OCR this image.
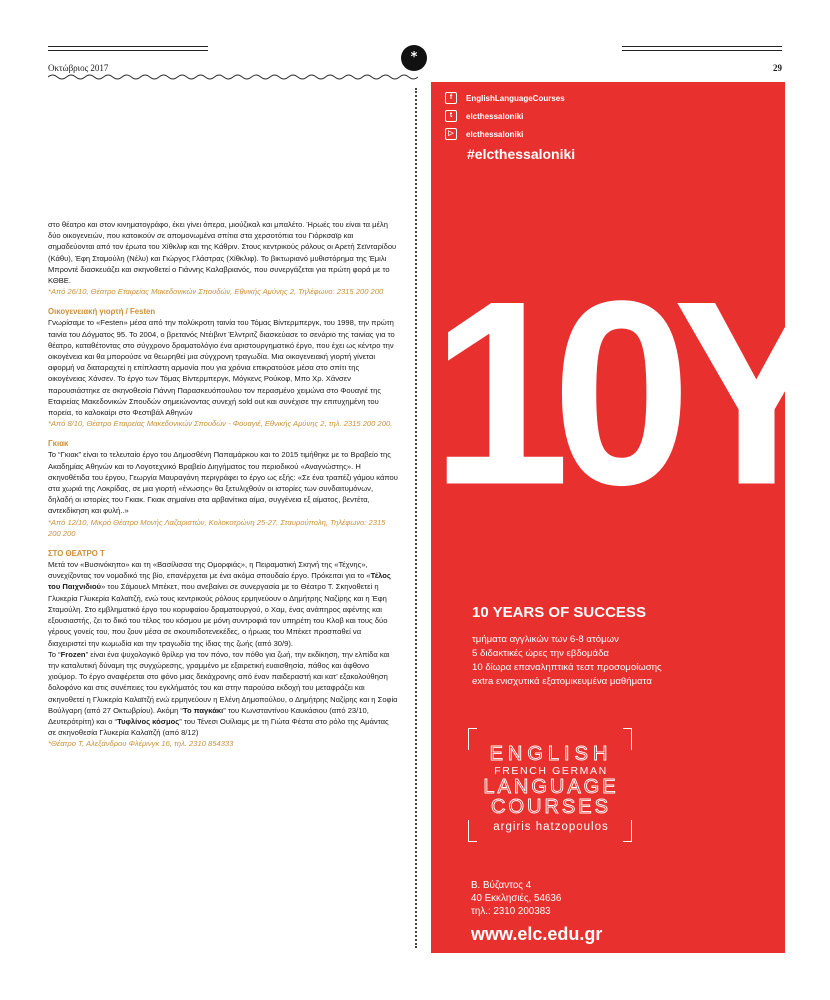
*
Οκτώβριος 2017	29

στο θέατρο και στον κινηματογράφο, έκει γίνει όπερα, μιούζικαλ και μπαλέτο. Ήρωές του είναι τα μέλη δύο οικογενειών, που κατοικούν σε απομονωμένα σπίτια στα χερσοτόπια του Γιόρκσαϊρ και σημαδεύονται από τον έρωτα του Χίθκλιφ και της Κάθριν. Στους κεντρικούς ρόλους οι Αρετή Σεϊνταρίδου (Κάθυ), Έφη Σταμούλη (Νέλυ) και Γιώργος Γλάστρας (Χίθκλιφ). Το βικτωριανό μυθιστόρημα της Έμιλι Μπροντέ διασκευάζει και σκηνοθετεί ο Γιάννης Καλαβριανός, που συνεργάζεται για πρώτη φορά με το ΚΘΒΕ.

*Από 26/10, Θέατρο Εταιρείας Μακεδονικών Σπουδών, Εθνικής Αμύνης 2, Τηλέφωνο: 2315 200 200

Οικογενειακή γιορτή / Festen

Γνωρίσαμε το «Festen» μέσα από την πολύκροτη ταινία του Τόμας Βίντερμπεργκ, του 1998, την πρώτη ταινία του Δόγματος 95. Το 2004, ο βρετανός Ντέιβιντ Έλντριτζ διασκεύασε το σενάριο της ταινίας για το θέατρο, καταθέτοντας στο σύγχρονο δραματολόγιο ένα αριστουργηματικό έργο, που έχει ως κέντρο την οικογένεια και θα μπορούσε να θεωρηθεί μια σύγχρονη τραγωδία. Μια οικογενειακή γιορτή γίνεται αφορμή να διαταραχτεί η επίπλαστη αρμονία που για χρόνια επικρατούσε μέσα στο σπίτι της οικογένειας Χάνσεν. Το έργο των Τόμας Βίντερμπεργκ, Μόγκενς Ρούκοφ, Μπο Χρ. Χάνσεν παρουσιάστηκε σε σκηνοθεσία Γιάννη Παρασκευόπουλου τον περασμένο χειμώνα στο Φουαγιέ της Εταιρείας Μακεδονικών Σπουδών σημειώνοντας συνεχή sold out και συνέχισε την επιτυχημένη του πορεία, το καλοκαίρι στο Φεστιβάλ Αθηνών

*Από 8/10, Θέατρο Εταιρείας Μακεδονικών Σπουδών - Φουαγιέ, Εθνικής Αμύνης 2, τηλ. 2315 200 200.

Γκιακ

Το “Γκιακ” είναι το τελευταίο έργο του Δημοσθένη Παπαμάρκου και το 2015 τιμήθηκε με το Βραβείο της Ακαδημίας Αθηνών και το Λογοτεχνικό Βραβείο Διηγήματος του περιοδικού «Αναγνώστης». Η σκηνοθέτιδα του έργου, Γεωργία Μαυραγάνη περιγράφει το έργο ως εξής: «Σε ένα τραπέζι γάμου κάπου στα χωριά της Λοκρίδας, σε μια γιορτή «ένωσης» θα ξετυλιχθούν οι ιστορίες των συνδαιτυμόνων, δηλαδή οι ιστορίες του Γκιακ. Γκιακ σημαίνει στα αρβανίτικα αίμα, συγγένεια εξ αίματος, βεντέτα, αντεκδίκηση και φυλή..»

*Από 12/10, Μικρό Θέατρο Μονής Λαζαριστών, Κολοκοτρώνη 25-27, Σταυρούπολη, Τηλέφωνο: 2315 200 200

ΣΤΟ ΘΕΑΤΡΟ Τ

Μετά τον «Βυσινόκηπο» και τη «Βασίλισσα της Ομορφιάς», η Πειραματική Σκηνή της «Τέχνης», συνεχίζοντας τον νομαδικό της βίο, επανέρχεται με ένα ακόμα σπουδαίο έργο. Πρόκειται για το «Τέλος του Παιχνιδιού» του Σάμουελ Μπέκετ, που ανεβαίνει σε συνεργασία με το Θέατρο Τ. Σκηνοθετεί η Γλυκερία Γλυκερία Καλαϊτζή, ενώ τους κεντρικούς ρόλους ερμηνεύουν ο Δημήτρης Ναζίρης και η Έφη Σταμούλη. Στο εμβληματικό έργο του κορυφαίου δραματουργού, ο Χαμ, ένας ανάπηρος αφέντης και εξουσιαστής, ζει το δικό του τέλος του κόσμου με μόνη συντροφιά τον υπηρέτη του Κλοβ και τους δύο γέρους γονείς του, που ζουν μέσα σε σκουπιδοτενεκέδες, ο ήρωας του Μπέκετ προσπαθεί να διαχειριστεί την κωμωδία και την τραγωδία της ίδιας της ζωής (από 30/9).

Το “Frozen” είναι ένα ψυχολογικό θρίλερ για τον πόνο, τον πόθο για ζωή, την εκδίκηση, την ελπίδα και την καταλυτική δύναμη της συγχώρεσης, γραμμένο με εξαιρετική ευαισθησία, πάθος και άφθονο χιούμορ. Το έργο αναφέρεται στο φόνο μιας δεκάχρονης από έναν παιδεραστή και κατ’ εξακολούθηση δολοφόνο και στις συνέπειες του εγκλήματός του και στην παρούσα εκδοχή του μεταφράζει και σκηνοθετεί η Γλυκερία Καλαϊτζή ενώ ερμηνεύουν η Ελένη Δημοπούλου, ο Δημήτρης Ναζίρης και η Σοφία Βούλγαρη (από 27 Οκτωβρίου). Ακόμη “Το παγκάκι” του Κωνσταντίνου Καυκάσιου (από 23/10, Δευτερότρίτη) και ο “Τυφλίνος κόσμος” του Τένεσι Ουίλιαμς με τη Γιώτα Φέστα στο ρόλο της Αμάντας σε σκηνοθεσία Γλυκερία Καλαϊτζή (από 8/12)

*Θέατρο Τ, Αλεξάνδρου Φλέμινγκ 16, τηλ. 2310 854333

f	EnglishLanguageCourses
t	elcthessaloniki
▷	elcthessaloniki
#elcthessaloniki
10Y
10 YEARS OF SUCCESS
τμήματα αγγλικών των 6-8 ατόμων
5 διδακτικές ώρες την εβδομάδα
10 δίωρα επαναληπτικά τεστ προσομοίωσης
extra ενισχυτικά εξατομικευμένα μαθήματα
ENGLISH
FRENCH GERMAN
LANGUAGE
COURSES
argiris hatzopoulos
Β. Βύζαντος 4
40 Εκκλησιές, 54636
τηλ.: 2310 200383
www.elc.edu.gr
